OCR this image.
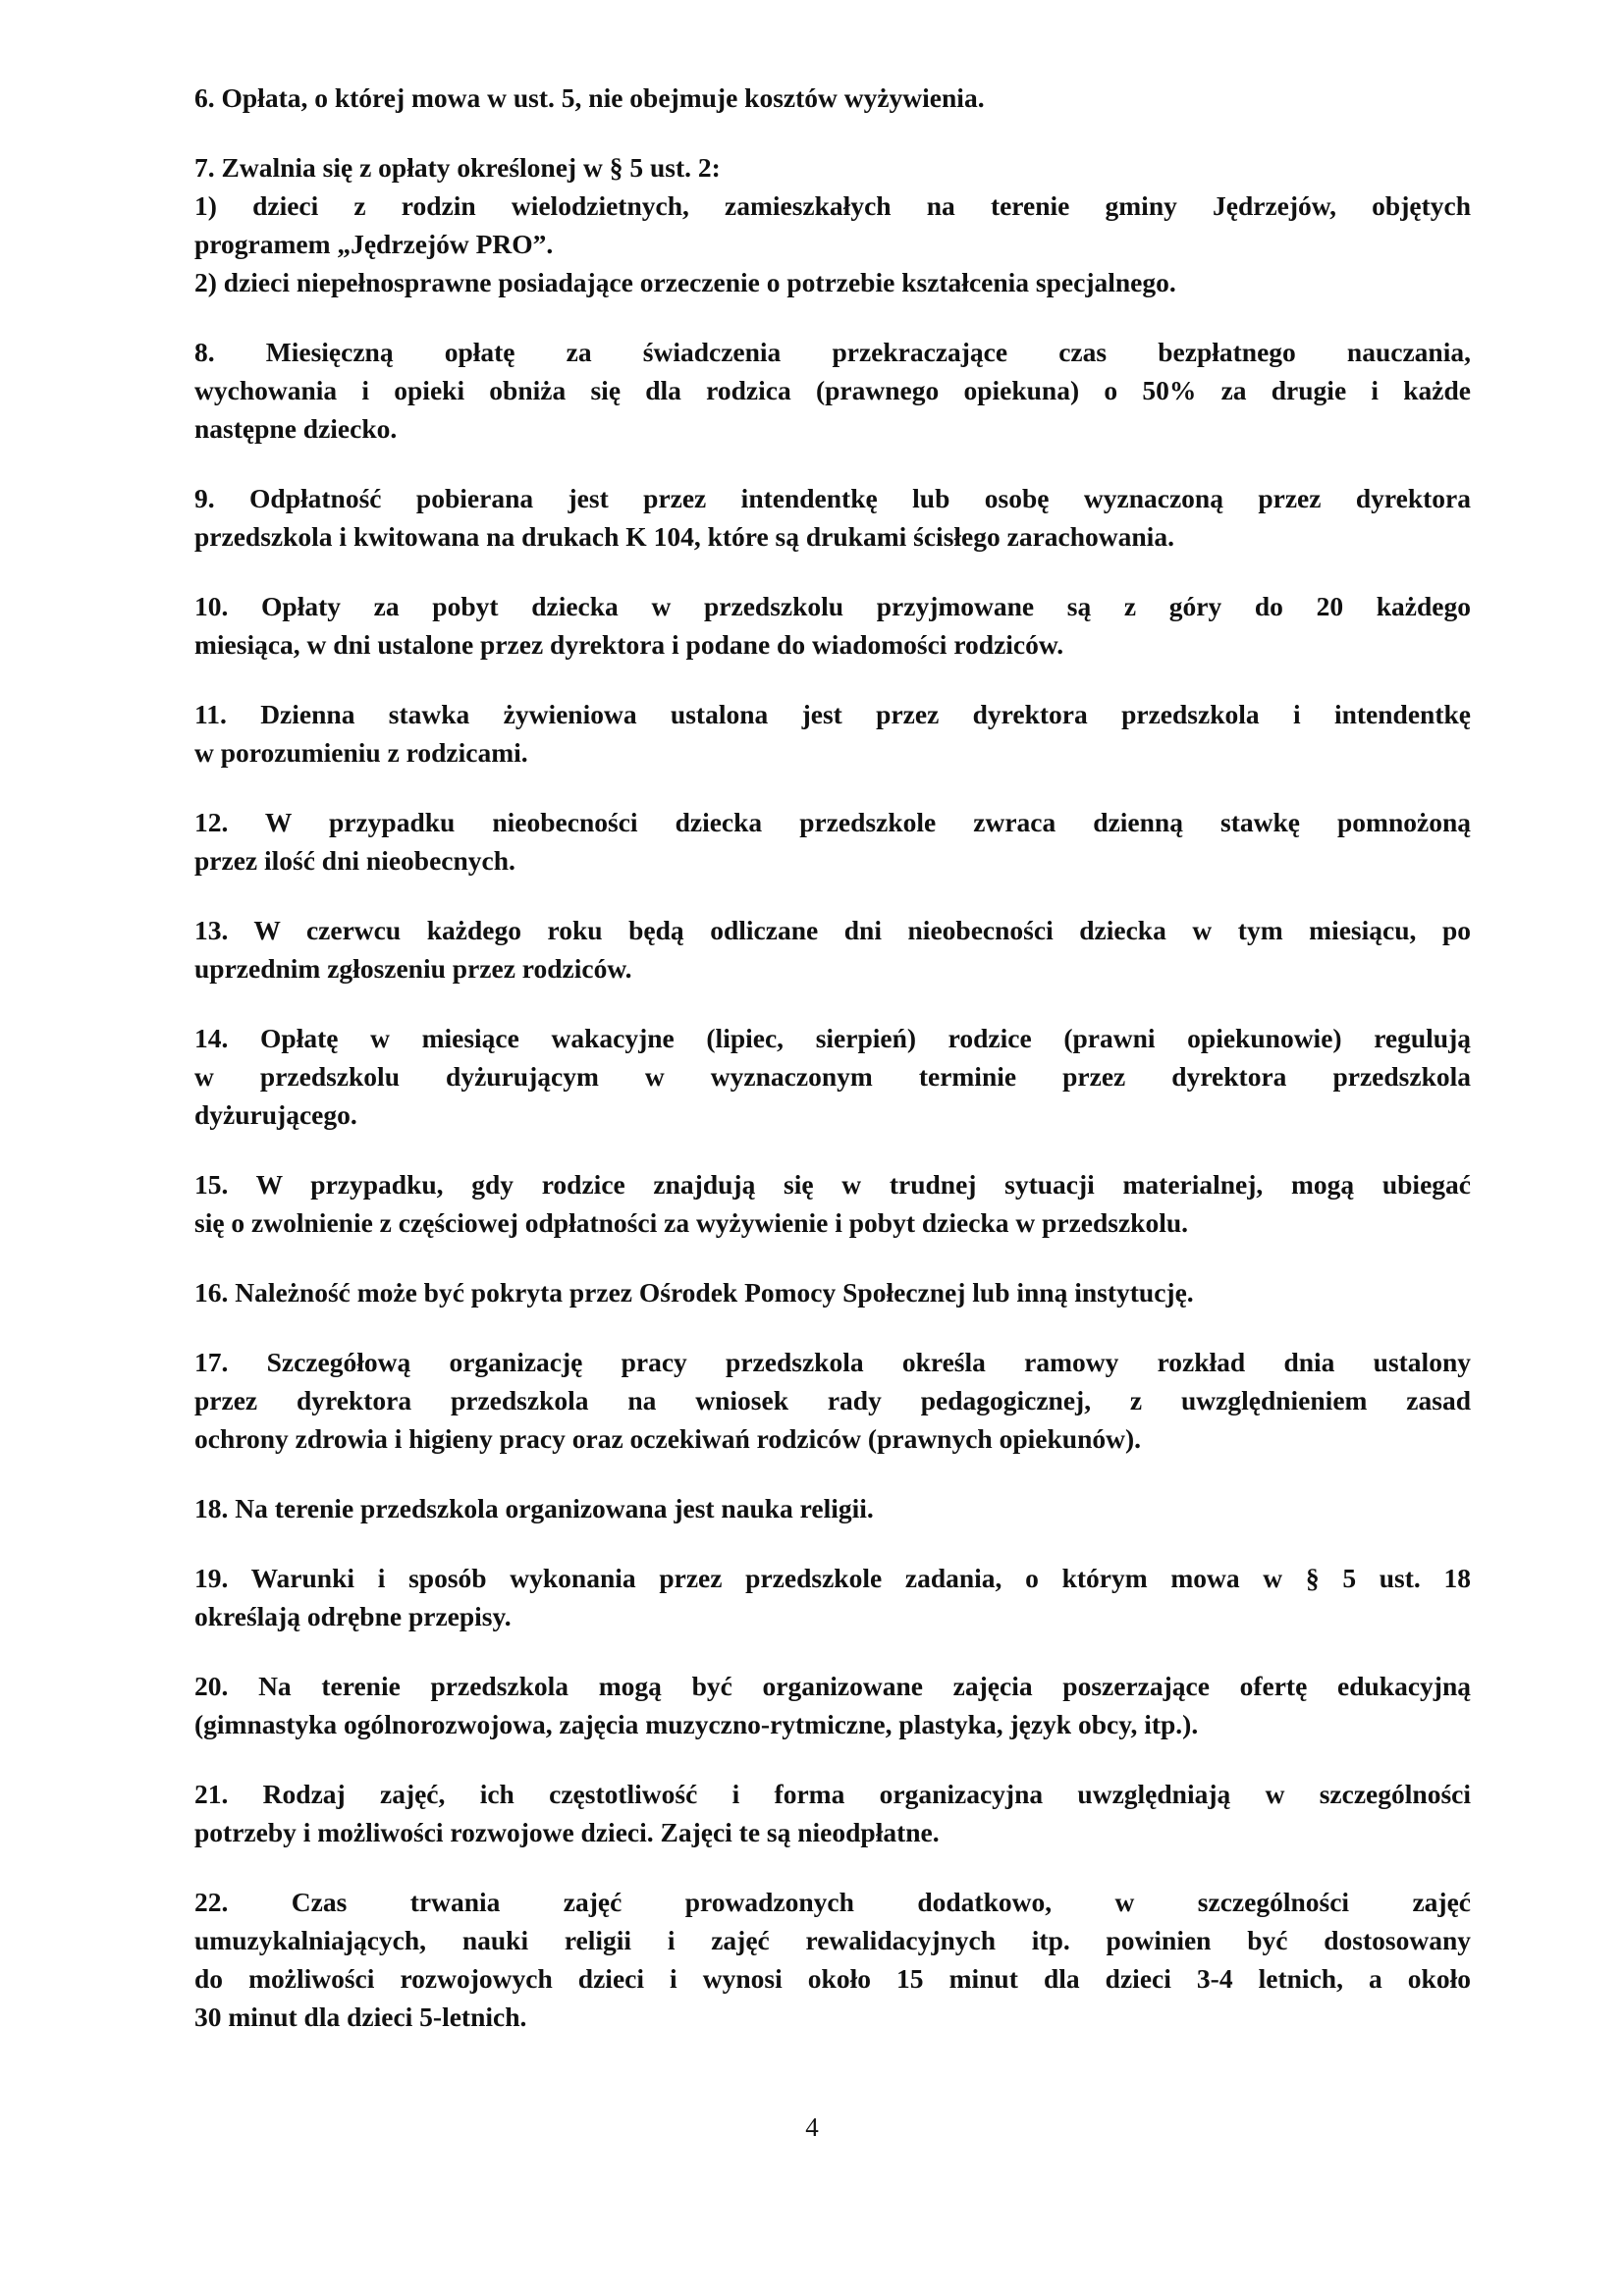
6. Opłata, o której mowa w ust. 5, nie obejmuje kosztów wyżywienia.
7. Zwalnia się z opłaty określonej w § 5 ust. 2:
1) dzieci z rodzin wielodzietnych, zamieszkałych na terenie gminy Jędrzejów, objętych
programem „Jędrzejów PRO”.
2) dzieci niepełnosprawne posiadające orzeczenie o potrzebie kształcenia specjalnego.
8. Miesięczną opłatę za świadczenia przekraczające czas bezpłatnego nauczania,
wychowania i opieki obniża się dla rodzica (prawnego opiekuna) o 50% za drugie i każde
następne dziecko.
9. Odpłatność pobierana jest przez intendentkę lub osobę wyznaczoną przez dyrektora
przedszkola i kwitowana na drukach K 104, które są drukami ścisłego zarachowania.
10. Opłaty za pobyt dziecka w przedszkolu przyjmowane są z góry do 20 każdego
miesiąca, w dni ustalone przez dyrektora i podane do wiadomości rodziców.
11. Dzienna stawka żywieniowa ustalona jest przez dyrektora przedszkola i intendentkę
w porozumieniu z rodzicami.
12. W przypadku nieobecności dziecka przedszkole zwraca dzienną stawkę pomnożoną
przez ilość dni nieobecnych.
13. W czerwcu każdego roku będą odliczane dni nieobecności dziecka w tym miesiącu, po
uprzednim zgłoszeniu przez rodziców.
14. Opłatę w miesiące wakacyjne (lipiec, sierpień) rodzice (prawni opiekunowie) regulują
w przedszkolu dyżurującym w wyznaczonym terminie przez dyrektora przedszkola
dyżurującego.
15. W przypadku, gdy rodzice znajdują się w trudnej sytuacji materialnej, mogą ubiegać
się o zwolnienie z częściowej odpłatności za wyżywienie i pobyt dziecka w przedszkolu.
16. Należność może być pokryta przez Ośrodek Pomocy Społecznej lub inną instytucję.
17. Szczegółową organizację pracy przedszkola określa ramowy rozkład dnia ustalony
przez dyrektora przedszkola na wniosek rady pedagogicznej, z uwzględnieniem zasad
ochrony zdrowia i higieny pracy oraz oczekiwań rodziców (prawnych opiekunów).
18. Na terenie przedszkola organizowana jest nauka religii.
19. Warunki i sposób wykonania przez przedszkole zadania, o którym mowa w § 5 ust. 18
określają odrębne przepisy.
20. Na terenie przedszkola mogą być organizowane zajęcia poszerzające ofertę edukacyjną
(gimnastyka ogólnorozwojowa, zajęcia muzyczno-rytmiczne, plastyka, język obcy, itp.).
21. Rodzaj zajęć, ich częstotliwość i forma organizacyjna uwzględniają w szczególności
potrzeby i możliwości rozwojowe dzieci. Zajęci te są nieodpłatne.
22. Czas trwania zajęć prowadzonych dodatkowo, w szczególności zajęć
umuzykalniających, nauki religii i zajęć rewalidacyjnych itp. powinien być dostosowany
do możliwości rozwojowych dzieci i wynosi około 15 minut dla dzieci 3-4 letnich, a około
30 minut dla dzieci 5-letnich.
4
